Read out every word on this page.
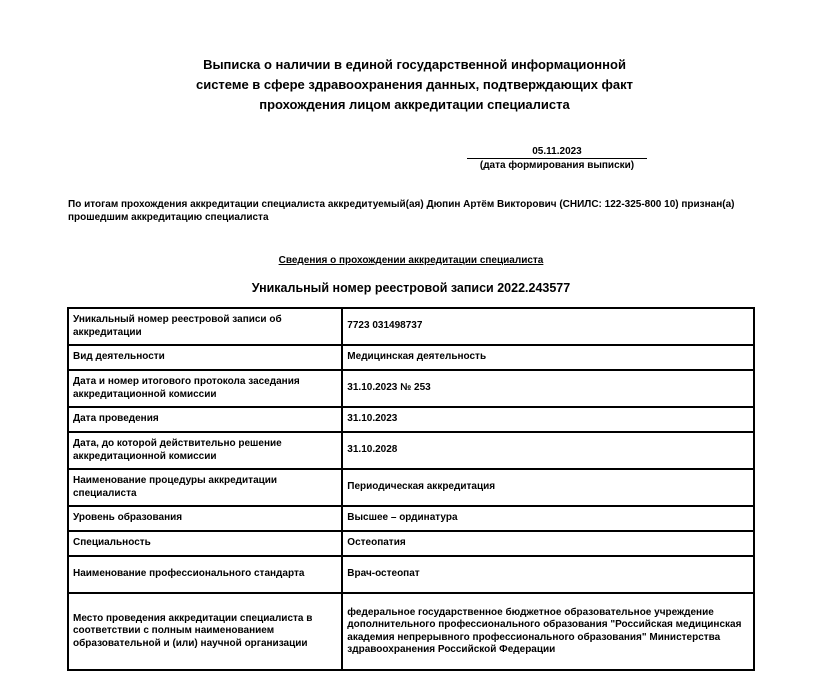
Выписка о наличии в единой государственной информационной
системе в сфере здравоохранения данных, подтверждающих факт
прохождения лицом аккредитации специалиста
05.11.2023
(дата формирования выписки)
По итогам прохождения аккредитации специалиста аккредитуемый(ая) Дюпин Артём Викторович (СНИЛС: 122-325-800 10) признан(а) прошедшим аккредитацию специалиста
Сведения о прохождении аккредитации специалиста
Уникальный номер реестровой записи 2022.243577
Уникальный номер реестровой записи об аккредитации	7723 031498737
Вид деятельности	Медицинская деятельность
Дата и номер итогового протокола заседания аккредитационной комиссии	31.10.2023 № 253
Дата проведения	31.10.2023
Дата, до которой действительно решение аккредитационной комиссии	31.10.2028
Наименование процедуры аккредитации специалиста	Периодическая аккредитация
Уровень образования	Высшее – ординатура
Специальность	Остеопатия
Наименование профессионального стандарта	Врач-остеопат
Место проведения аккредитации специалиста в соответствии с полным наименованием образовательной и (или) научной организации	федеральное государственное бюджетное образовательное учреждение дополнительного профессионального образования "Российская медицинская академия непрерывного профессионального образования" Министерства здравоохранения Российской Федерации
